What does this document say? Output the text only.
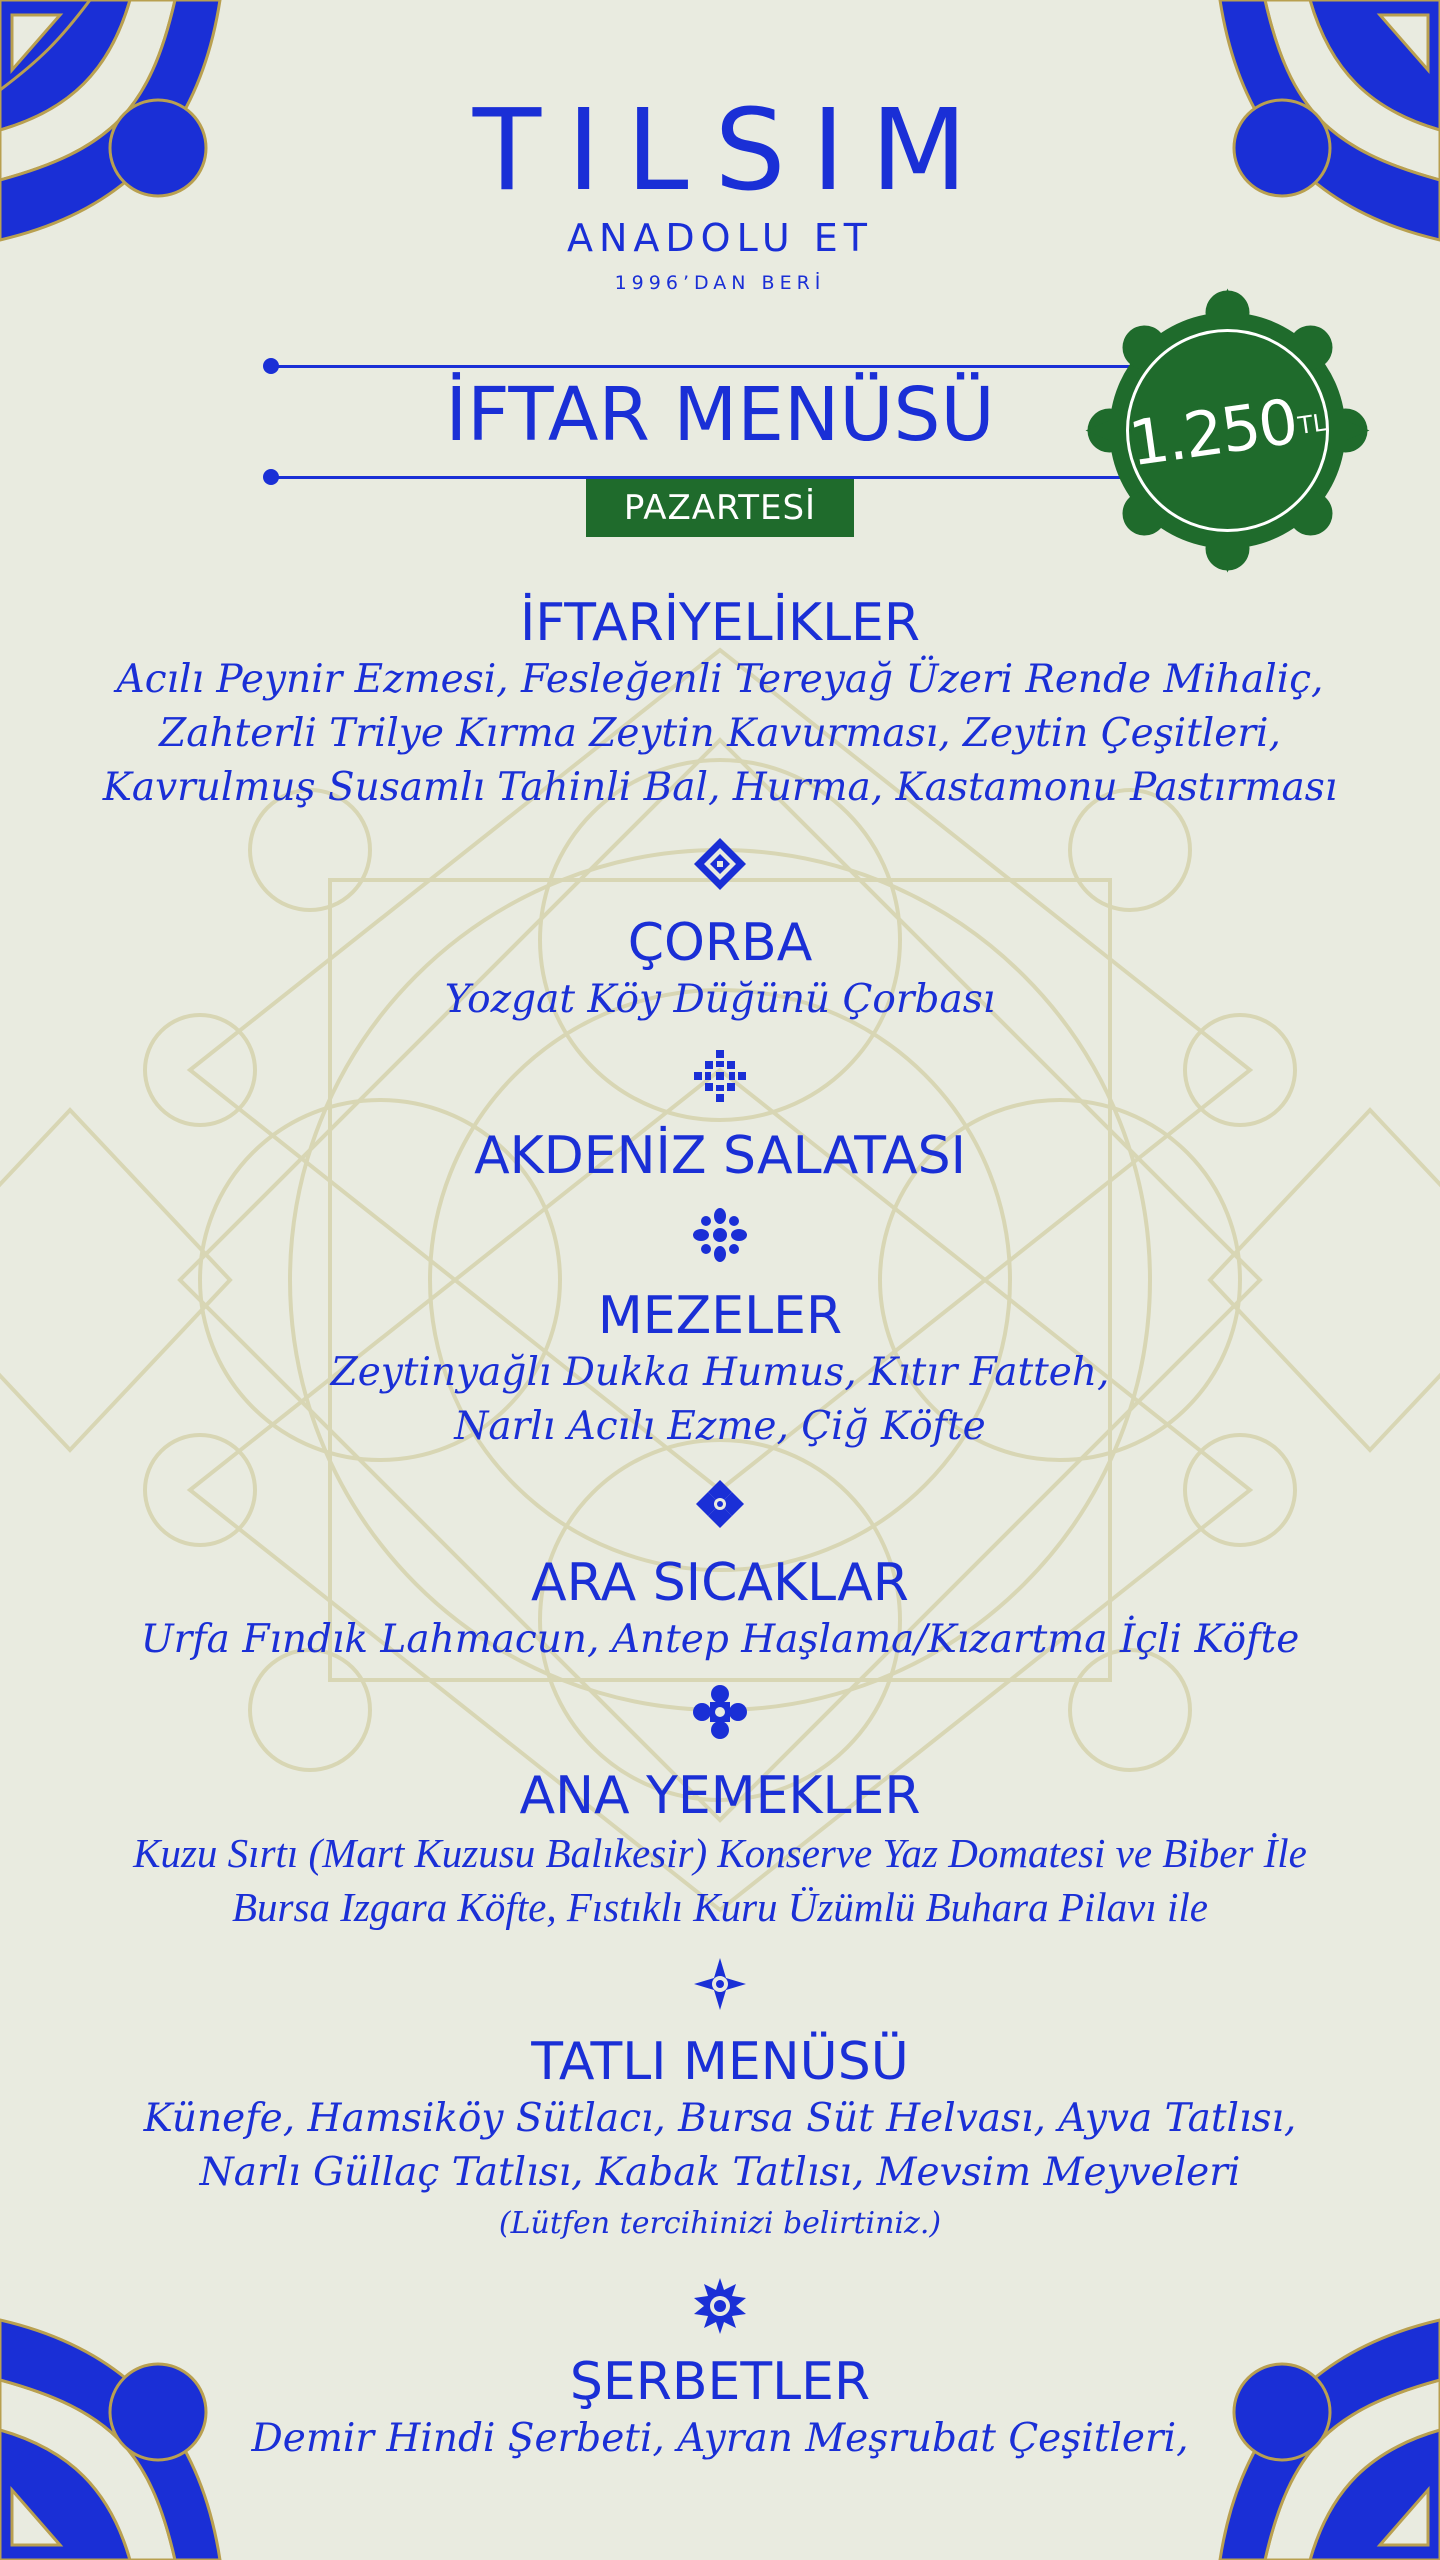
TILSIM
ANADOLU ET
1996’DAN BERİ
İFTAR MENÜSÜ
PAZARTESİ
1.250
TL
İFTARİYELİKLER
Acılı Peynir Ezmesi, Fesleğenli Tereyağ Üzeri Rende Mihaliç,
Zahterli Trilye Kırma Zeytin Kavurması, Zeytin Çeşitleri,
Kavrulmuş Susamlı Tahinli Bal, Hurma, Kastamonu Pastırması
ÇORBA
Yozgat Köy Düğünü Çorbası
AKDENİZ SALATASI
MEZELER
Zeytinyağlı Dukka Humus, Kıtır Fatteh,
Narlı Acılı Ezme, Çiğ Köfte
ARA SICAKLAR
Urfa Fındık Lahmacun, Antep Haşlama/Kızartma İçli Köfte
ANA YEMEKLER
Kuzu Sırtı (Mart Kuzusu Balıkesir) Konserve Yaz Domatesi ve Biber İle
Bursa Izgara Köfte, Fıstıklı Kuru Üzümlü Buhara Pilavı ile
TATLI MENÜSÜ
Künefe, Hamsiköy Sütlacı, Bursa Süt Helvası, Ayva Tatlısı,
Narlı Güllaç Tatlısı, Kabak Tatlısı, Mevsim Meyveleri
(Lütfen tercihinizi belirtiniz.)
ŞERBETLER
Demir Hindi Şerbeti, Ayran Meşrubat Çeşitleri,
